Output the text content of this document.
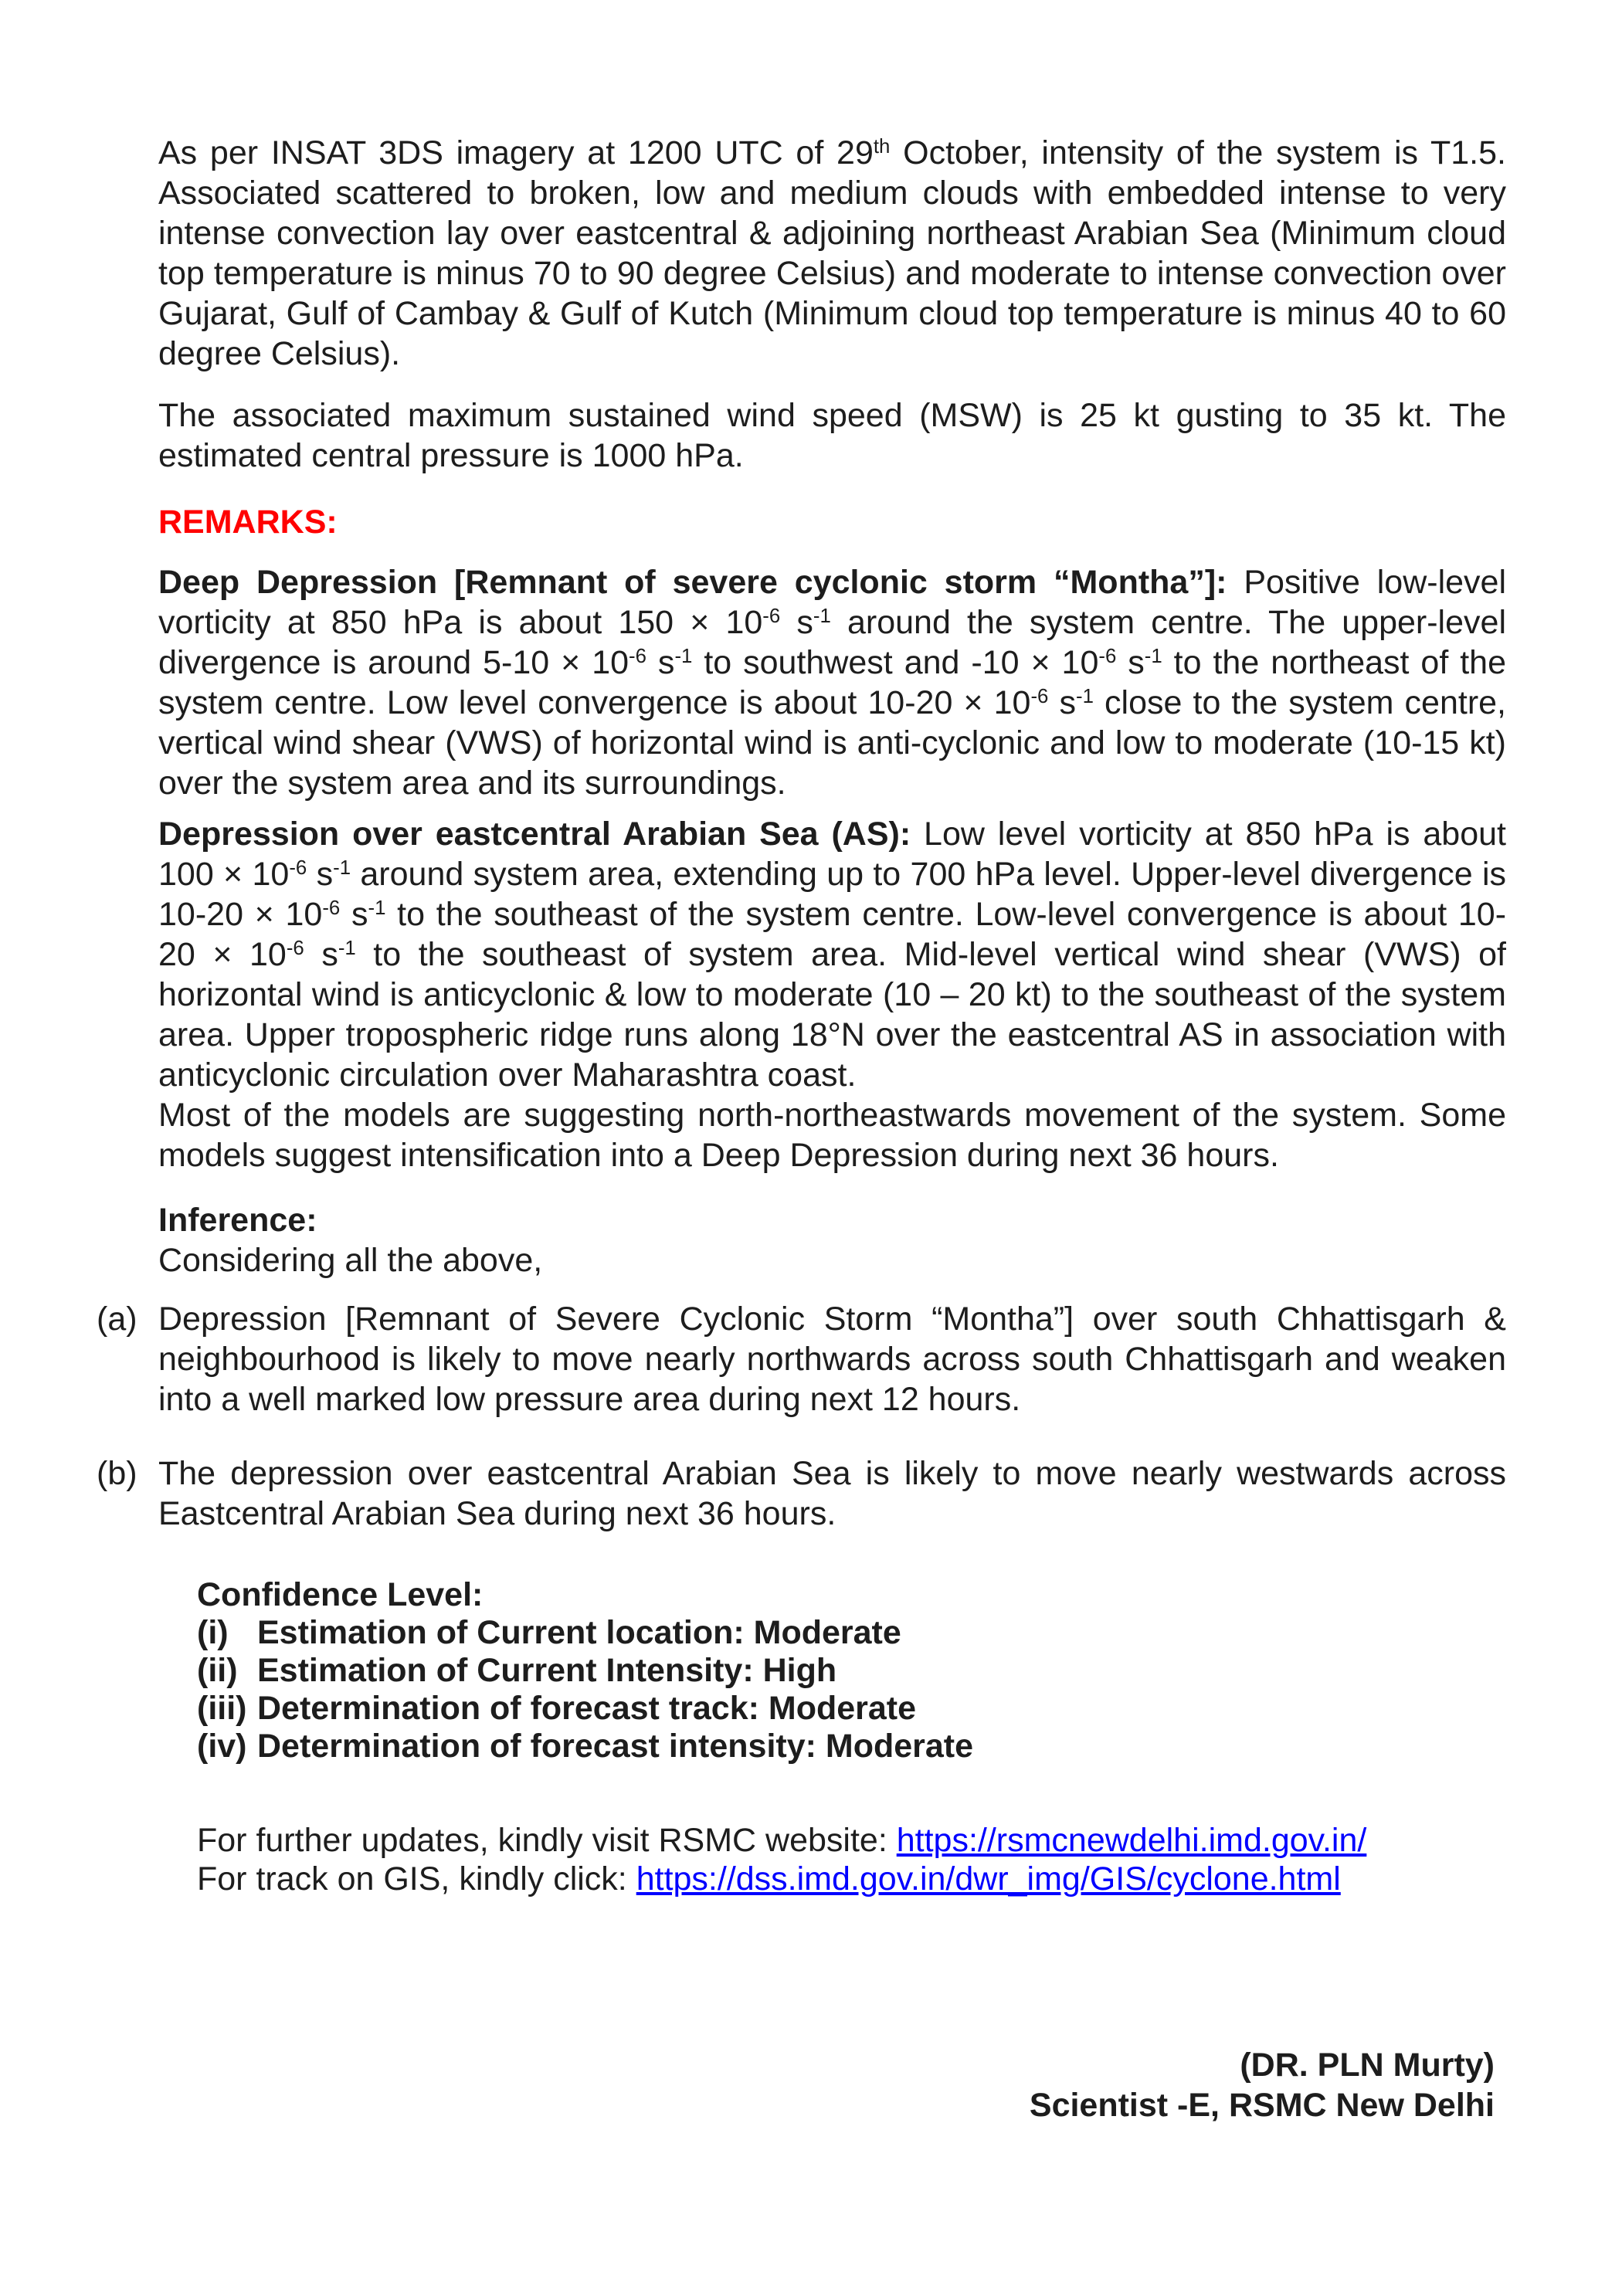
As per INSAT 3DS imagery at 1200 UTC of 29th October, intensity of the system is T1.5. Associated scattered to broken, low and medium clouds with embedded intense to very intense convection lay over eastcentral & adjoining northeast Arabian Sea (Minimum cloud top temperature is minus 70 to 90 degree Celsius) and moderate to intense convection over Gujarat, Gulf of Cambay & Gulf of Kutch (Minimum cloud top temperature is minus 40 to 60 degree Celsius).

The associated maximum sustained wind speed (MSW) is 25 kt gusting to 35 kt. The estimated central pressure is 1000 hPa.

REMARKS:

Deep Depression [Remnant of severe cyclonic storm “Montha”]: Positive low-level vorticity at 850 hPa is about $150 \times 10^{-6}$ $s^{-1}$ around the system centre. The upper-level divergence is around $5-10 \times 10^{-6}$ $s^{-1}$ to southwest and $-10 \times 10^{-6}$ $s^{-1}$ to the northeast of the system centre. Low level convergence is about $10-20 \times 10^{-6}$ $s^{-1}$ close to the system centre, vertical wind shear (VWS) of horizontal wind is anti-cyclonic and low to moderate (10-15 kt) over the system area and its surroundings.

Depression over eastcentral Arabian Sea (AS): Low level vorticity at 850 hPa is about $100 \times 10^{-6}$ $s^{-1}$ around system area, extending up to 700 hPa level. Upper-level divergence is $10-20 \times 10^{-6}$ $s^{-1}$ to the southeast of the system centre. Low-level convergence is about $10-20 \times 10^{-6}$ $s^{-1}$ to the southeast of system area. Mid-level vertical wind shear (VWS) of horizontal wind is anticyclonic & low to moderate (10 – 20 kt) to the southeast of the system area. Upper tropospheric ridge runs along 18°N over the eastcentral AS in association with anticyclonic circulation over Maharashtra coast.

Most of the models are suggesting north-northeastwards movement of the system. Some models suggest intensification into a Deep Depression during next 36 hours.

Inference:

Considering all the above,

(a) Depression [Remnant of Severe Cyclonic Storm “Montha”] over south Chhattisgarh & neighbourhood is likely to move nearly northwards across south Chhattisgarh and weaken into a well marked low pressure area during next 12 hours.
(b) The depression over eastcentral Arabian Sea is likely to move nearly westwards across Eastcentral Arabian Sea during next 36 hours.
Confidence Level:
(i) Estimation of Current location: Moderate
(ii) Estimation of Current Intensity: High
(iii) Determination of forecast track: Moderate
(iv) Determination of forecast intensity: Moderate
For further updates, kindly visit RSMC website: https://rsmcnewdelhi.imd.gov.in/
For track on GIS, kindly click: https://dss.imd.gov.in/dwr_img/GIS/cyclone.html
(DR. PLN Murty)
Scientist -E, RSMC New Delhi
